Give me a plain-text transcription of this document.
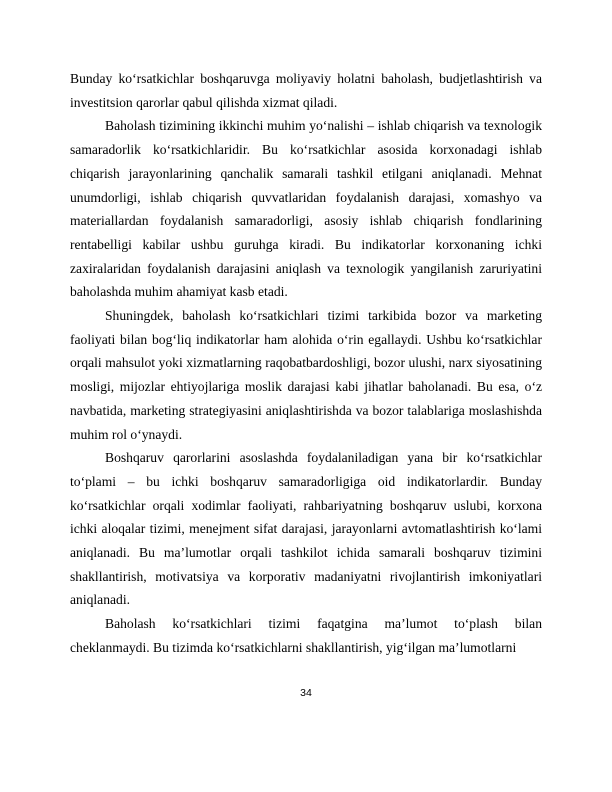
Bunday ko‘rsatkichlar boshqaruvga moliyaviy holatni baholash, budjetlashtirish va investitsion qarorlar qabul qilishda xizmat qiladi.

Baholash tizimining ikkinchi muhim yo‘nalishi – ishlab chiqarish va texnologik samaradorlik ko‘rsatkichlaridir. Bu ko‘rsatkichlar asosida korxonadagi ishlab chiqarish jarayonlarining qanchalik samarali tashkil etilgani aniqlanadi. Mehnat unumdorligi, ishlab chiqarish quvvatlaridan foydalanish darajasi, xomashyo va materiallardan foydalanish samaradorligi, asosiy ishlab chiqarish fondlarining rentabelligi kabilar ushbu guruhga kiradi. Bu indikatorlar korxonaning ichki zaxiralaridan foydalanish darajasini aniqlash va texnologik yangilanish zaruriyatini baholashda muhim ahamiyat kasb etadi.

Shuningdek, baholash ko‘rsatkichlari tizimi tarkibida bozor va marketing faoliyati bilan bog‘liq indikatorlar ham alohida o‘rin egallaydi. Ushbu ko‘rsatkichlar orqali mahsulot yoki xizmatlarning raqobatbardoshligi, bozor ulushi, narx siyosatining mosligi, mijozlar ehtiyojlariga moslik darajasi kabi jihatlar baholanadi. Bu esa, o‘z navbatida, marketing strategiyasini aniqlashtirishda va bozor talablariga moslashishda muhim rol o‘ynaydi.

Boshqaruv qarorlarini asoslashda foydalaniladigan yana bir ko‘rsatkichlar to‘plami – bu ichki boshqaruv samaradorligiga oid indikatorlardir. Bunday ko‘rsatkichlar orqali xodimlar faoliyati, rahbariyatning boshqaruv uslubi, korxona ichki aloqalar tizimi, menejment sifat darajasi, jarayonlarni avtomatlashtirish ko‘lami aniqlanadi. Bu ma’lumotlar orqali tashkilot ichida samarali boshqaruv tizimini shakllantirish, motivatsiya va korporativ madaniyatni rivojlantirish imkoniyatlari aniqlanadi.

Baholash ko‘rsatkichlari tizimi faqatgina ma’lumot to‘plash bilan cheklanmaydi. Bu tizimda ko‘rsatkichlarni shakllantirish, yig‘ilgan ma’lumotlarni

34
